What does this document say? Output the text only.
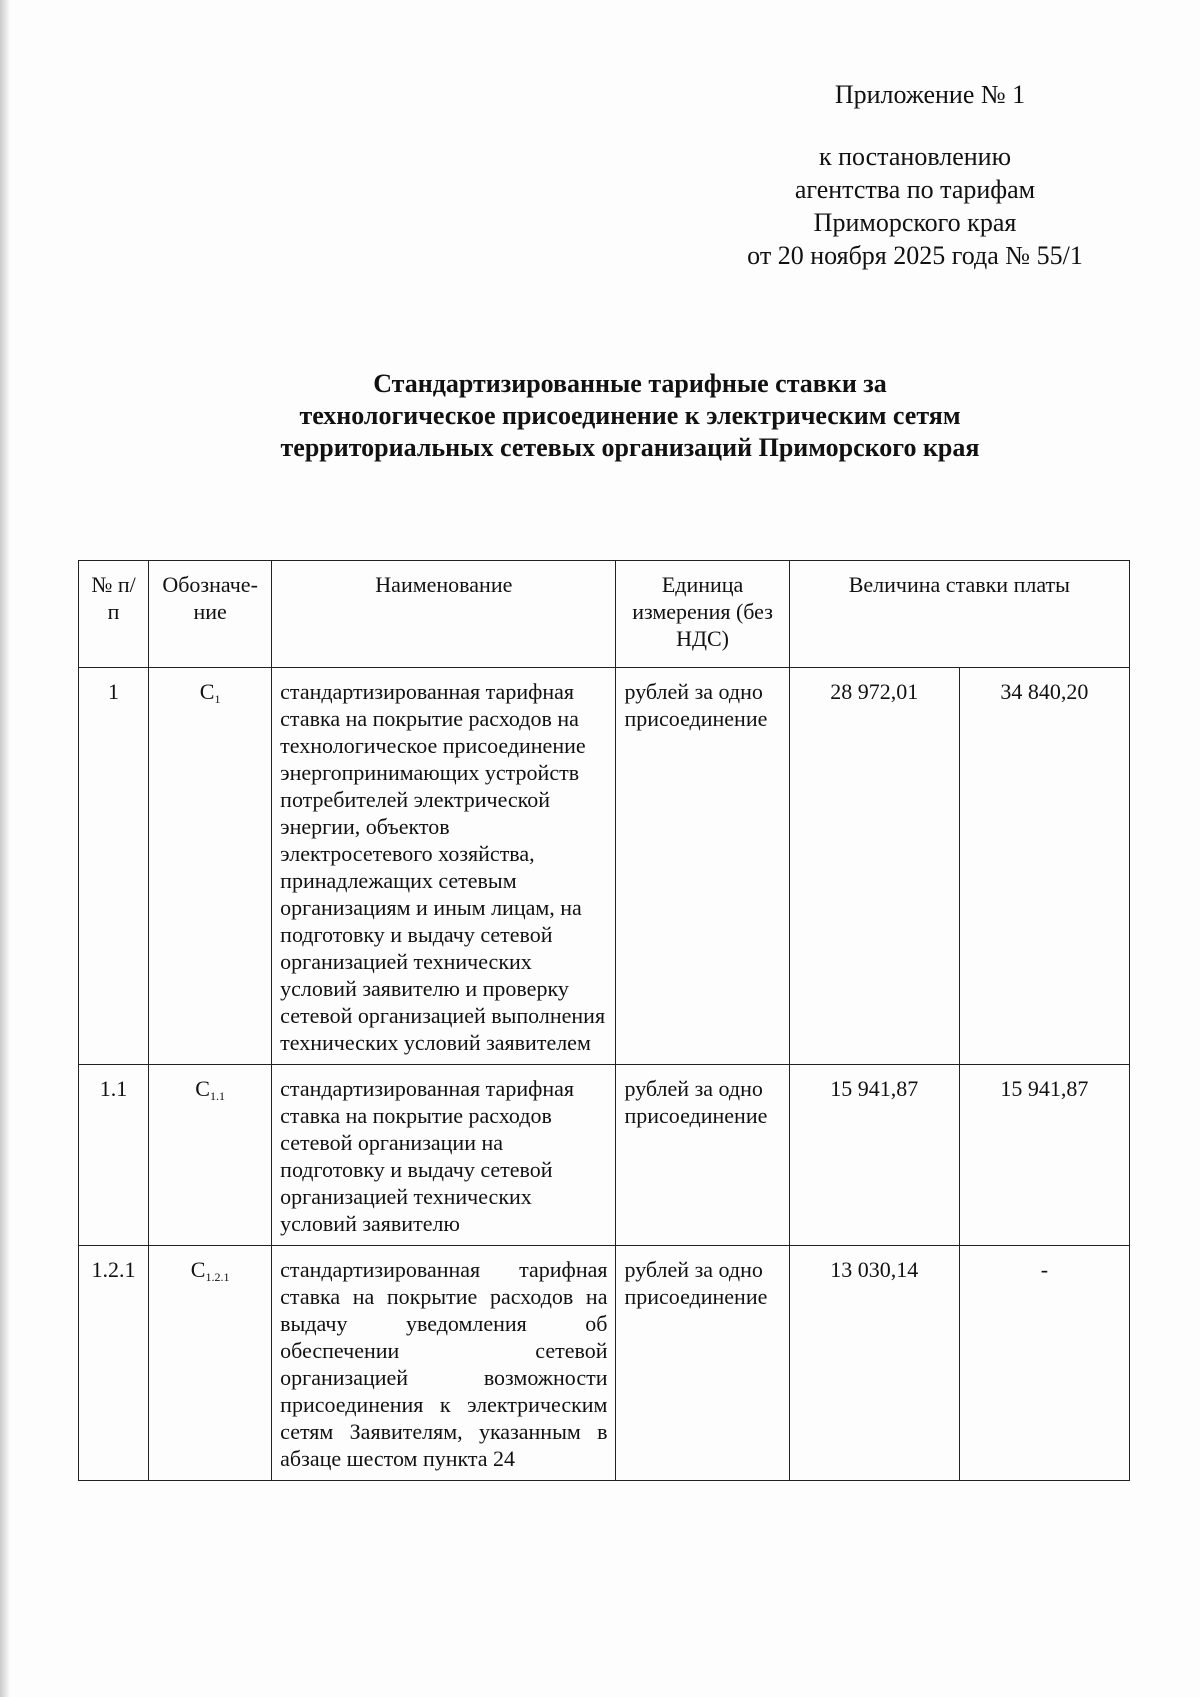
Приложение № 1
к постановлению
агентства по тарифам
Приморского края
от 20 ноября 2025 года № 55/1
Стандартизированные тарифные ставки за
технологическое присоединение к электрическим сетям
территориальных сетевых организаций Приморского края
№ п/п	Обозначе-ние	Наименование	Единица измерения (без НДС)	Величина ставки платы	
1	$С_1$	стандартизированная тарифная ставка на покрытие расходов на технологическое присоединение энергопринимающих устройств потребителей электрической энергии, объектов электросетевого хозяйства, принадлежащих сетевым организациям и иным лицам, на подготовку и выдачу сетевой организацией технических условий заявителю и проверку сетевой организацией выполнения технических условий заявителем	рублей за одно присоединение	28 972,01	34 840,20
1.1	$С_{1.1}$	стандартизированная тарифная ставка на покрытие расходов сетевой организации на подготовку и выдачу сетевой организацией технических условий заявителю	рублей за одно присоединение	15 941,87	15 941,87
1.2.1	$С_{1.2.1}$	стандартизированная тарифная ставка на покрытие расходов на выдачу уведомления об обеспечении сетевой организацией возможности присоединения к электрическим сетям Заявителям, указанным в абзаце шестом пункта 24	рублей за одно присоединение	13 030,14	-
